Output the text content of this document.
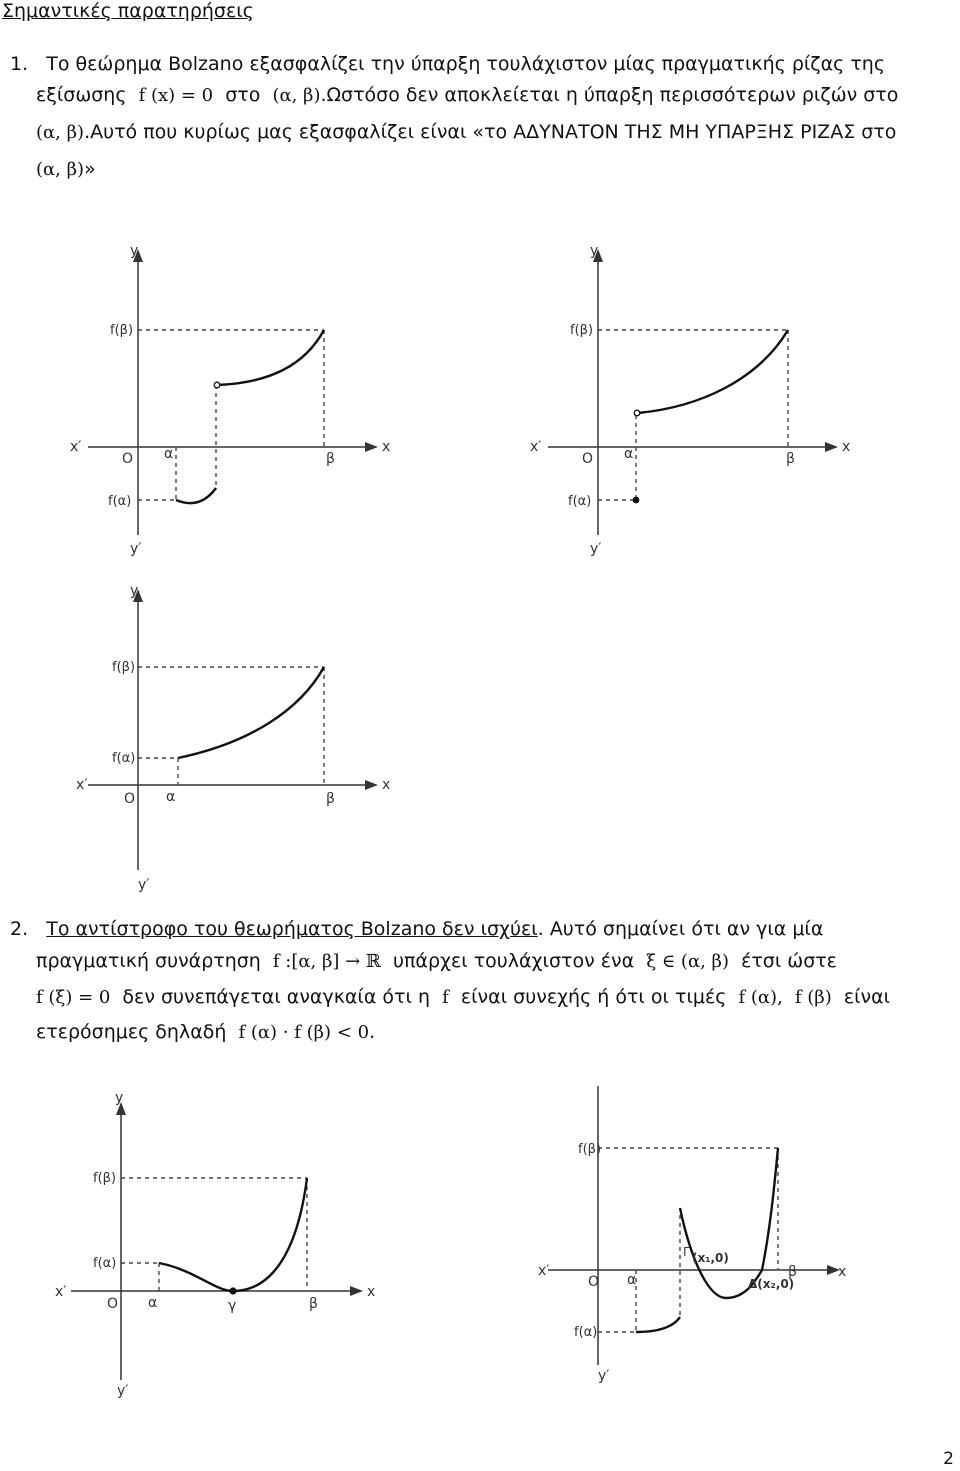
Σημαντικές παρατηρήσεις
1. Το θεώρημα Bolzano εξασφαλίζει την ύπαρξη τουλάχιστον μίας πραγματικής ρίζας της
εξίσωσης f (x) = 0 στο (α, β).Ωστόσο δεν αποκλείεται η ύπαρξη περισσότερων ριζών στο
(α, β).Αυτό που κυρίως μας εξασφαλίζει είναι «το ΑΔΥΝΑΤΟΝ ΤΗΣ ΜΗ ΥΠΑΡΞΗΣ ΡΙΖΑΣ στο
(α, β)»
y
y′
x
x′
O α	β
f(β)
f(α)
y
y′
x
x′
O α	β
f(β)
f(α)
y
y′
x
x′
O α	β
f(β)
f(α)
2. Το αντίστροφο του θεωρήματος Bolzano δεν ισχύει. Αυτό σημαίνει ότι αν για μία
πραγματική συνάρτηση f :[α, β] → ℝ υπάρχει τουλάχιστον ένα ξ ∈ (α, β) έτσι ώστε
f (ξ) = 0 δεν συνεπάγεται αναγκαία ότι η f είναι συνεχής ή ότι οι τιμές f (α), f (β) είναι
ετερόσημες δηλαδή f (α) · f (β) < 0.
y
y′
x
x′
O α	γ	β
f(β)
f(α)
Γ (x₁,0)
Δ(x₂,0)
x
x′
O α	β
f(β)
f(α)
y′
2
